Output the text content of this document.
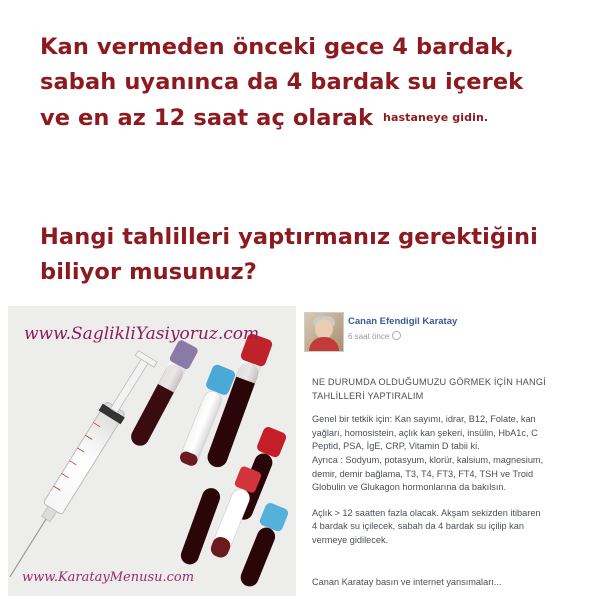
Kan vermeden önceki gece 4 bardak,
sabah uyanınca da 4 bardak su içerek
ve en az 12 saat aç olarak hastaneye gidin.
Hangi tahlilleri yaptırmanız gerektiğini
biliyor musunuz?
www.SaglikliYasiyoruz.com
www.KaratayMenusu.com
Canan Efendigil Karatay
6 saat önce

NE DURUMDA OLDUĞUMUZU GÖRMEK İÇİN HANGİ
TAHLİLLERİ YAPTIRALIM

Genel bir tetkik için: Kan sayımı, idrar, B12, Folate, kan
yağları, homosistein, açlık kan şekeri, insülin, HbA1c, C
Peptid, PSA, İgE, CRP, Vitamin D tabii ki.
Ayrıca : Sodyum, potasyum, klorür, kalsium, magnesium,
demir, demir bağlama, T3, T4, FT3, FT4, TSH ve Troid
Globulin ve Glukagon hormonlarına da bakılsın.

Açlık > 12 saatten fazla olacak. Akşam sekizden itibaren
4 bardak su içilecek, sabah da 4 bardak su içilip kan
vermeye gidilecek.

Canan Karatay basın ve internet yansımaları...
